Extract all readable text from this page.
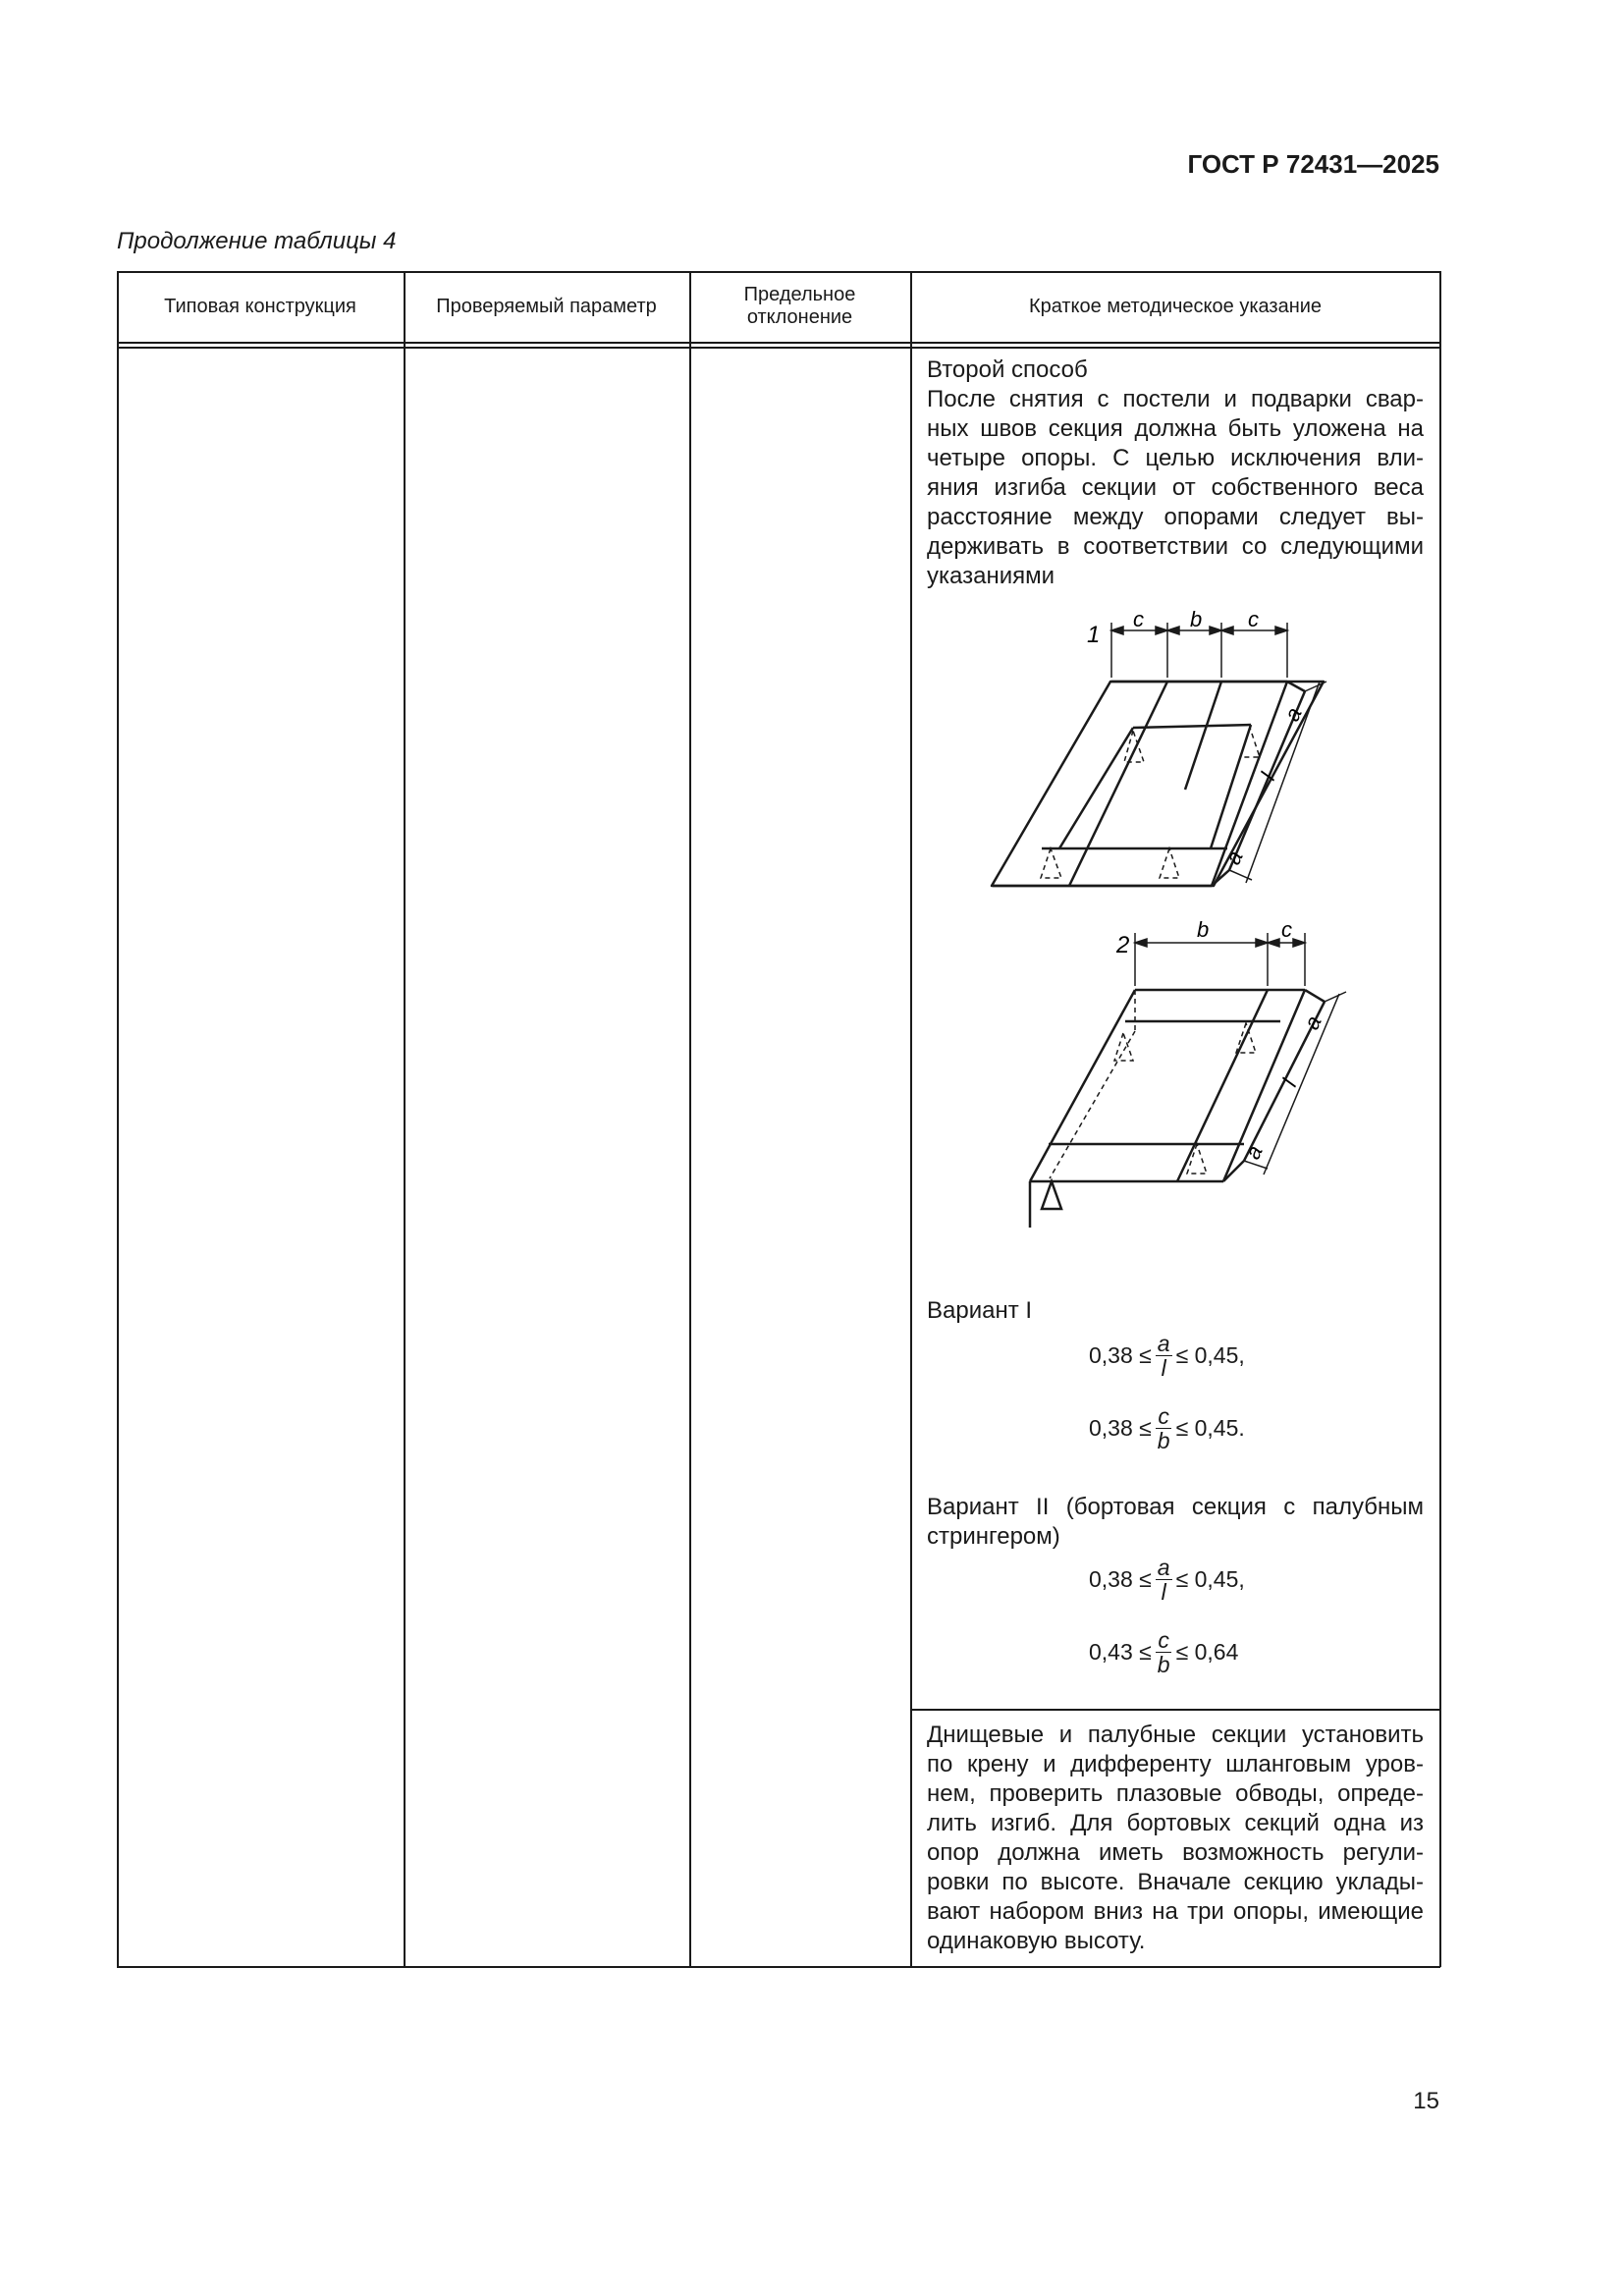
ГОСТ Р 72431—2025
Продолжение таблицы 4
Типовая конструкция	Проверяемый параметр
Предельное
отклонение
Краткое методическое указание
Второй способ
После снятия с постели и подварки свар-
ных швов секция должна быть уложена на
четыре опоры. С целью исключения вли-
яния изгиба секции от собственного веса
расстояние между опорами следует вы-
держивать в соответствии со следующими
указаниями
1
c b c
a
l
a
2
b	c
a
l
a
Вариант I
$0,38 \le \frac{a}{l} \le 0,45$,
$0,38 \le \frac{c}{b} \le 0,45$.
Вариант II (бортовая секция с палубным
стрингером)
$0,38 \le \frac{a}{l} \le 0,45$,
$0,43 \le \frac{c}{b} \le 0,64$
Днищевые и палубные секции установить
по крену и дифференту шланговым уров-
нем, проверить плазовые обводы, опреде-
лить изгиб. Для бортовых секций одна из
опор должна иметь возможность регули-
ровки по высоте. Вначале секцию уклады-
вают набором вниз на три опоры, имеющие
одинаковую высоту.
15
